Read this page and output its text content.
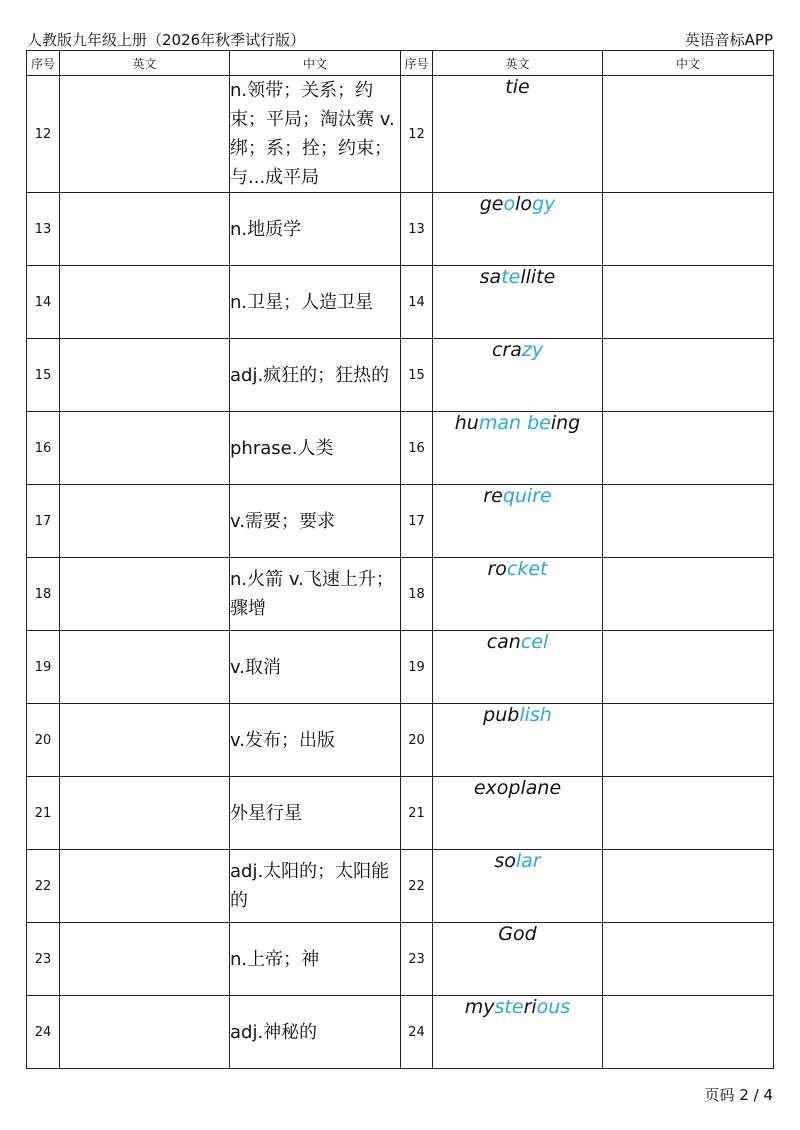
人教版九年级上册（2026年秋季试行版）	英语音标APP
序号	英文	中文	序号	英文	中文
12		n.领带；关系；约束；平局；淘汰赛 v.绑；系；拴；约束；与...成平局	12	tie	
13		n.地质学	13	geology	
14		n.卫星；人造卫星	14	satellite	
15		adj.疯狂的；狂热的	15	crazy	
16		phrase.人类	16	human being	
17		v.需要；要求	17	require	
18		n.火箭 v.飞速上升；骤增	18	rocket	
19		v.取消	19	cancel	
20		v.发布；出版	20	publish	
21		外星行星	21	exoplane	
22		adj.太阳的；太阳能的	22	solar	
23		n.上帝；神	23	God	
24		adj.神秘的	24	mysterious	
页码 2 / 4
